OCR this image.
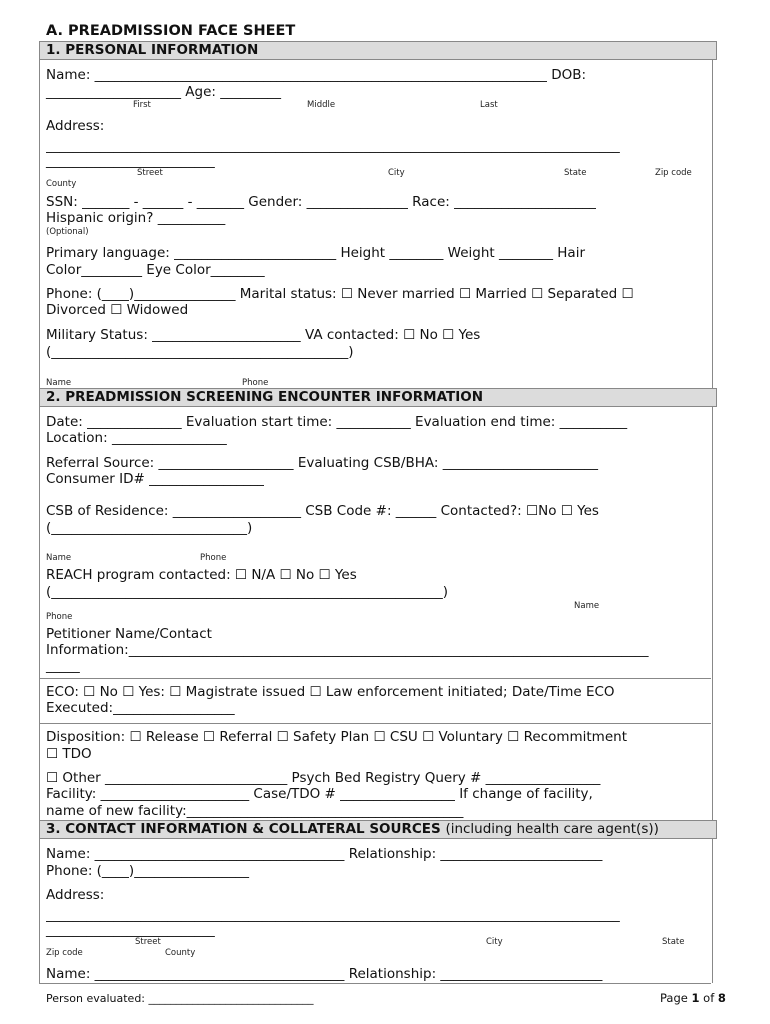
A. PREADMISSION FACE SHEET
1. PERSONAL INFORMATION
Name: ___________________________________________________________________ DOB:
____________________ Age: _________
First	Middle	Last
Address:
_____________________________________________________________________________________
_________________________
Street	City	State	Zip code
County
SSN: _______ - ______ - _______ Gender: _______________ Race: _____________________
Hispanic origin? __________
(Optional)
Primary language: ________________________ Height ________ Weight ________ Hair
Color_________ Eye Color________
Phone: (____)_______________ Marital status: ☐ Never married ☐ Married ☐ Separated ☐
Divorced ☐ Widowed
Military Status: ______________________ VA contacted: ☐ No ☐ Yes
(____________________________________________)
Name	Phone
2. PREADMISSION SCREENING ENCOUNTER INFORMATION
Date: ______________ Evaluation start time: ___________ Evaluation end time: __________
Location: _________________
Referral Source: ____________________ Evaluating CSB/BHA: _______________________
Consumer ID# _________________
CSB of Residence: ___________________ CSB Code #: ______ Contacted?: ☐No ☐ Yes
(_____________________________)
Name	Phone
REACH program contacted: ☐ N/A ☐ No ☐ Yes
(__________________________________________________________)
Name
Phone
Petitioner Name/Contact
Information:_____________________________________________________________________________
_____
ECO: ☐ No ☐ Yes: ☐ Magistrate issued ☐ Law enforcement initiated; Date/Time ECO
Executed:__________________
Disposition: ☐ Release ☐ Referral ☐ Safety Plan ☐ CSU ☐ Voluntary ☐ Recommitment
☐ TDO
☐ Other ___________________________ Psych Bed Registry Query # _________________
Facility: ______________________ Case/TDO # _________________ If change of facility,
name of new facility:_________________________________________
3. CONTACT INFORMATION & COLLATERAL SOURCES (including health care agent(s))
Name: _____________________________________ Relationship: ________________________
Phone: (____)_________________
Address:
_____________________________________________________________________________________
_________________________
Street	City	State
Zip code	County
Name: _____________________________________ Relationship: ________________________
Person evaluated: ______________________________	Page 1 of 8
